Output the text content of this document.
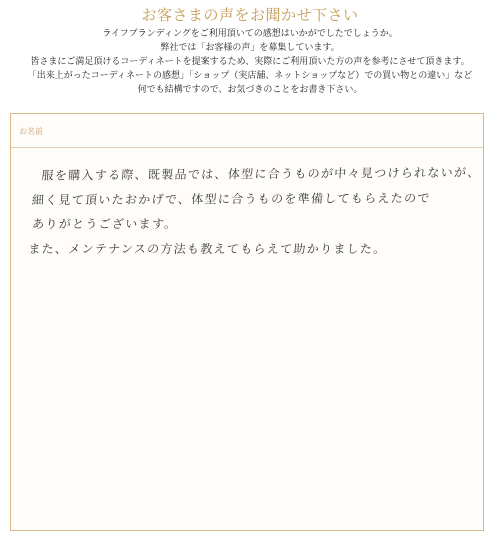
お客さまの声をお聞かせ下さい
ライフブランディングをご利用頂いての感想はいかがでしたでしょうか。
弊社では「お客様の声」を募集しています。
皆さまにご満足頂けるコーディネートを提案するため、実際にご利用頂いた方の声を参考にさせて頂きます。
「出来上がったコーディネートの感想」「ショップ（実店舗、ネットショップなど）での買い物との違い」など
何でも結構ですので、お気づきのことをお書き下さい。
お名前
服を購入する際、既製品では、体型に合うものが中々見つけられないが、
細く見て頂いたおかげで、体型に合うものを準備してもらえたので
ありがとうございます。
また、メンテナンスの方法も教えてもらえて助かりました。
